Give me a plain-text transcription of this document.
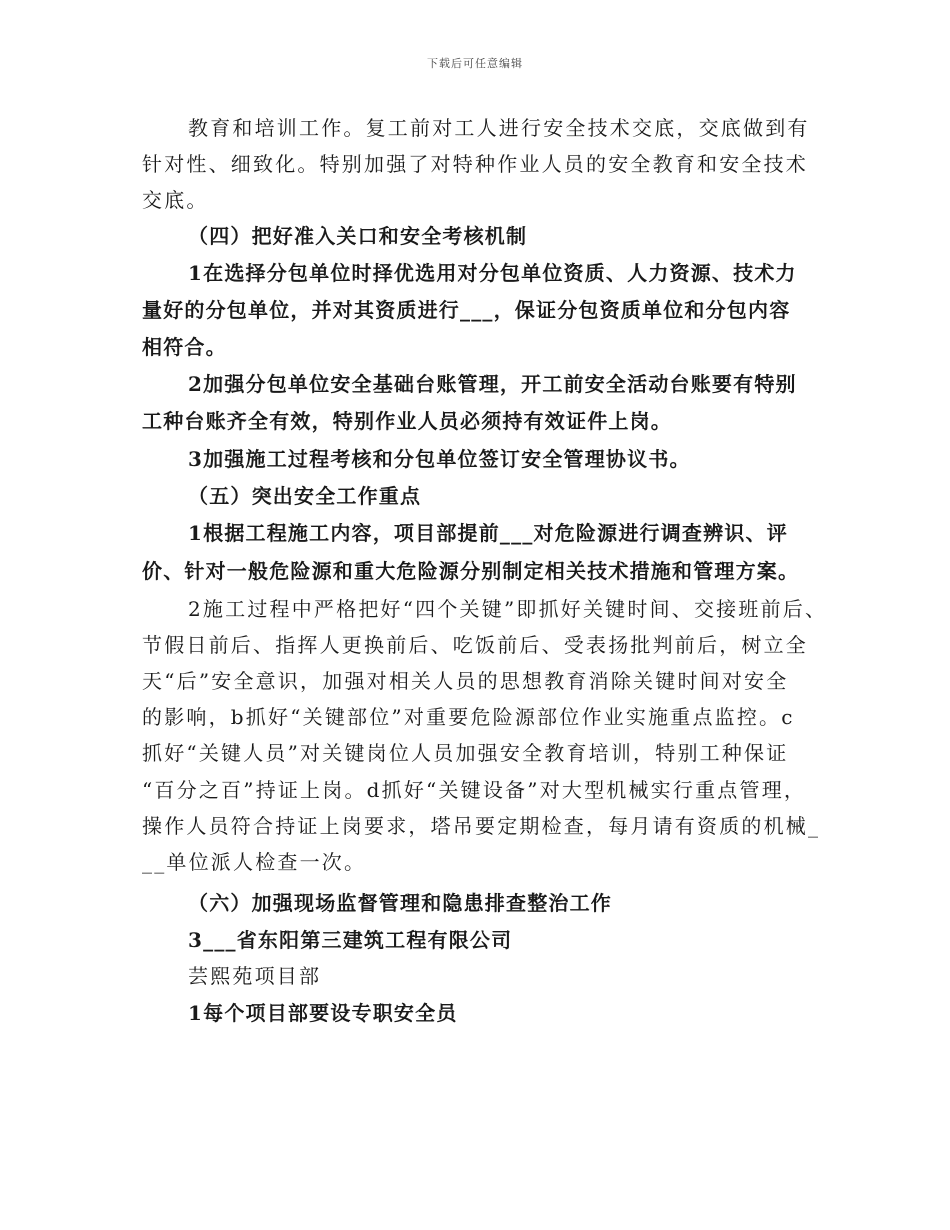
下载后可任意编辑
教育和培训工作。复工前对工人进行安全技术交底，交底做到有
针对性、细致化。特别加强了对特种作业人员的安全教育和安全技术
交底。
（四）把好准入关口和安全考核机制
1在选择分包单位时择优选用对分包单位资质、人力资源、技术力
量好的分包单位，并对其资质进行___，保证分包资质单位和分包内容
相符合。
2加强分包单位安全基础台账管理，开工前安全活动台账要有特别
工种台账齐全有效，特别作业人员必须持有效证件上岗。
3加强施工过程考核和分包单位签订安全管理协议书。
（五）突出安全工作重点
1根据工程施工内容，项目部提前___对危险源进行调查辨识、评
价、针对一般危险源和重大危险源分别制定相关技术措施和管理方案。
2施工过程中严格把好“四个关键”即抓好关键时间、交接班前后、
节假日前后、指挥人更换前后、吃饭前后、受表扬批判前后，树立全
天“后”安全意识，加强对相关人员的思想教育消除关键时间对安全
的影响，b抓好“关键部位”对重要危险源部位作业实施重点监控。c
抓好“关键人员”对关键岗位人员加强安全教育培训，特别工种保证
“百分之百”持证上岗。d抓好“关键设备”对大型机械实行重点管理，
操作人员符合持证上岗要求，塔吊要定期检查，每月请有资质的机械_
__单位派人检查一次。
（六）加强现场监督管理和隐患排查整治工作
3___省东阳第三建筑工程有限公司
芸熙苑项目部
1每个项目部要设专职安全员
